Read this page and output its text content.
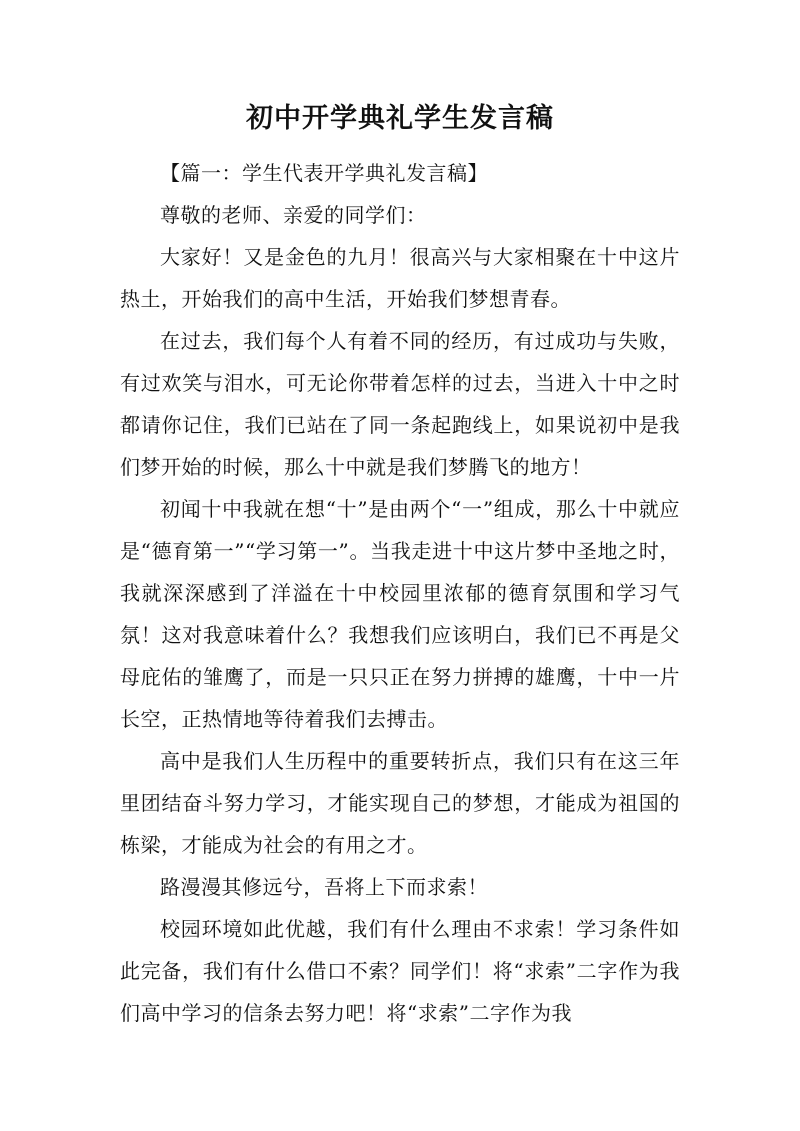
初中开学典礼学生发言稿

【篇一：学生代表开学典礼发言稿】

尊敬的老师、亲爱的同学们：

大家好！又是金色的九月！很高兴与大家相聚在十中这片热土，开始我们的高中生活，开始我们梦想青春。

在过去，我们每个人有着不同的经历，有过成功与失败，有过欢笑与泪水，可无论你带着怎样的过去，当进入十中之时都请你记住，我们已站在了同一条起跑线上，如果说初中是我们梦开始的时候，那么十中就是我们梦腾飞的地方！

初闻十中我就在想“十”是由两个“一”组成，那么十中就应是“德育第一”“学习第一”。当我走进十中这片梦中圣地之时，我就深深感到了洋溢在十中校园里浓郁的德育氛围和学习气氛！这对我意味着什么？我想我们应该明白，我们已不再是父母庇佑的雏鹰了，而是一只只正在努力拼搏的雄鹰，十中一片长空，正热情地等待着我们去搏击。

高中是我们人生历程中的重要转折点，我们只有在这三年里团结奋斗努力学习，才能实现自己的梦想，才能成为祖国的栋梁，才能成为社会的有用之才。

路漫漫其修远兮，吾将上下而求索！

校园环境如此优越，我们有什么理由不求索！学习条件如此完备，我们有什么借口不索？同学们！将“求索”二字作为我们高中学习的信条去努力吧！将“求索”二字作为我
